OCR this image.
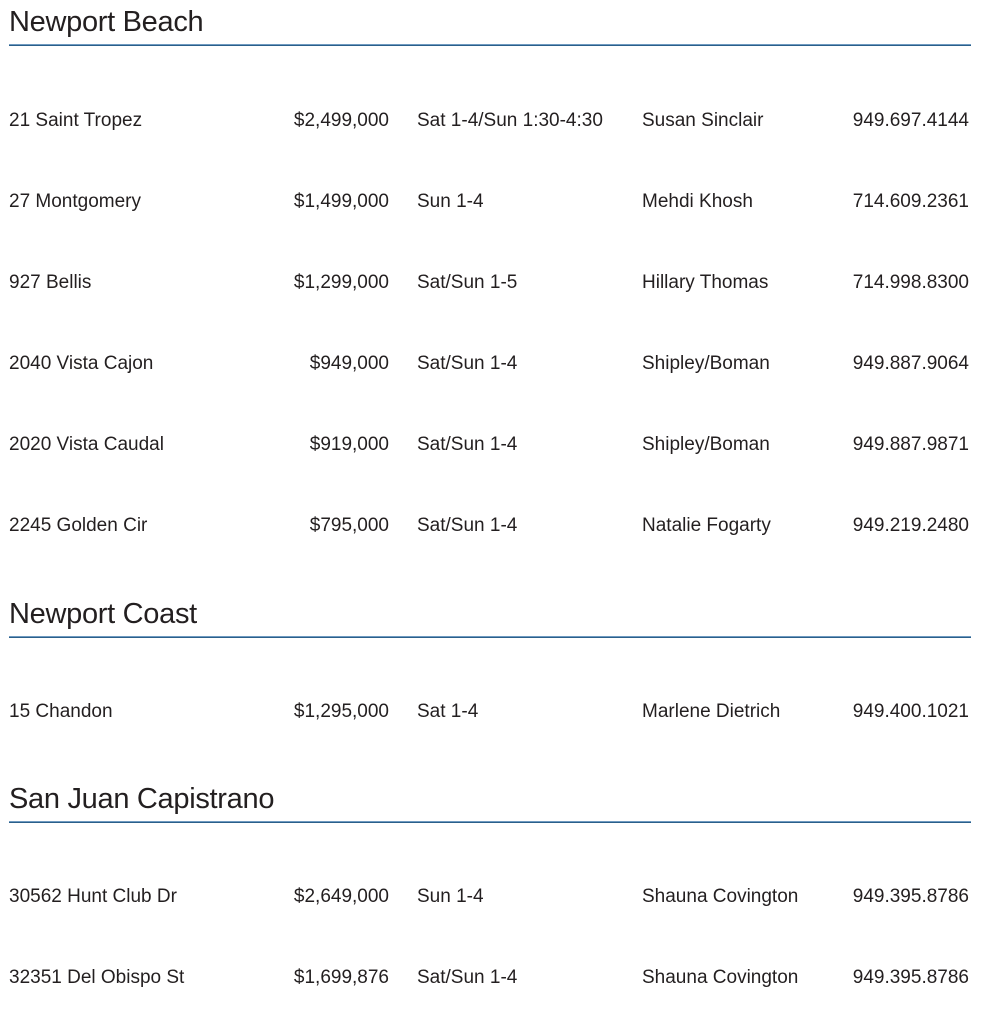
Newport Beach
21 Saint Tropez	$2,499,000 Sat 1-4/Sun 1:30-4:30 Susan Sinclair	949.697.4144
27 Montgomery	$1,499,000 Sun 1-4	Mehdi Khosh	714.609.2361
927 Bellis	$1,299,000 Sat/Sun 1-5	Hillary Thomas	714.998.8300
2040 Vista Cajon	$949,000 Sat/Sun 1-4	Shipley/Boman	949.887.9064
2020 Vista Caudal	$919,000 Sat/Sun 1-4	Shipley/Boman	949.887.9871
2245 Golden Cir	$795,000 Sat/Sun 1-4	Natalie Fogarty	949.219.2480
Newport Coast
15 Chandon	$1,295,000 Sat 1-4	Marlene Dietrich	949.400.1021
San Juan Capistrano
30562 Hunt Club Dr	$2,649,000 Sun 1-4	Shauna Covington	949.395.8786
32351 Del Obispo St	$1,699,876 Sat/Sun 1-4	Shauna Covington	949.395.8786
